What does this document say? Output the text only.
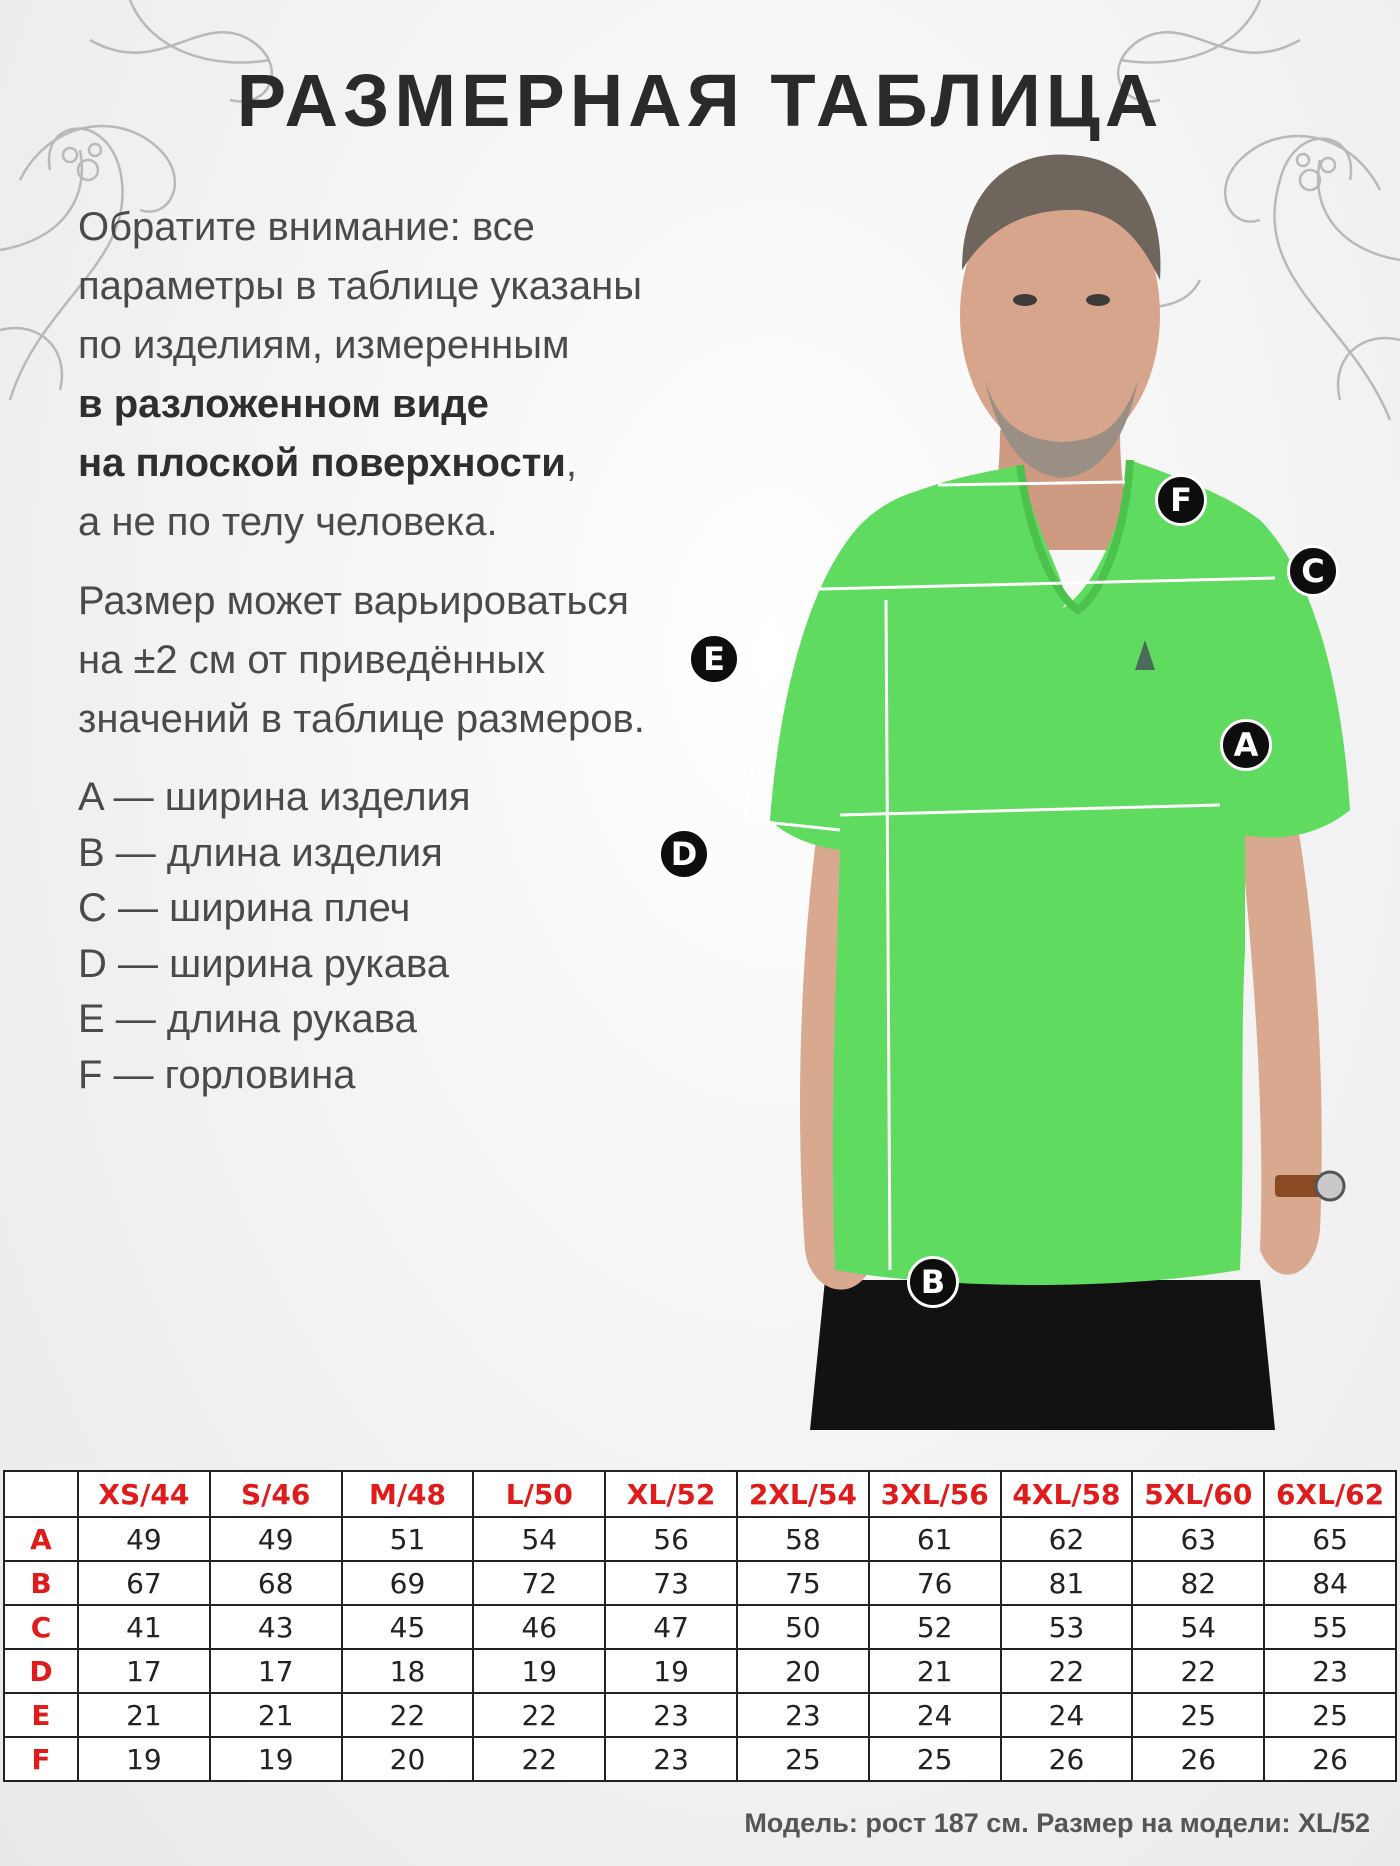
РАЗМЕРНАЯ ТАБЛИЦА
Обратите внимание: все
параметры в таблице указаны
по изделиям, измеренным
в разложенном виде
на плоской поверхности,
а не по телу человека.
Размер может варьироваться
на ±2 см от приведённых
значений в таблице размеров.
A — ширина изделия
B — длина изделия
C — ширина плеч
D — ширина рукава
E — длина рукава
F — горловина
F
C
E
A
D
B
	XS/44	S/46	M/48	L/50	XL/52	2XL/54	3XL/56	4XL/58	5XL/60	6XL/62
A	49	49	51	54	56	58	61	62	63	65
B	67	68	69	72	73	75	76	81	82	84
C	41	43	45	46	47	50	52	53	54	55
D	17	17	18	19	19	20	21	22	22	23
E	21	21	22	22	23	23	24	24	25	25
F	19	19	20	22	23	25	25	26	26	26
Модель: рост 187 см. Размер на модели: XL/52
